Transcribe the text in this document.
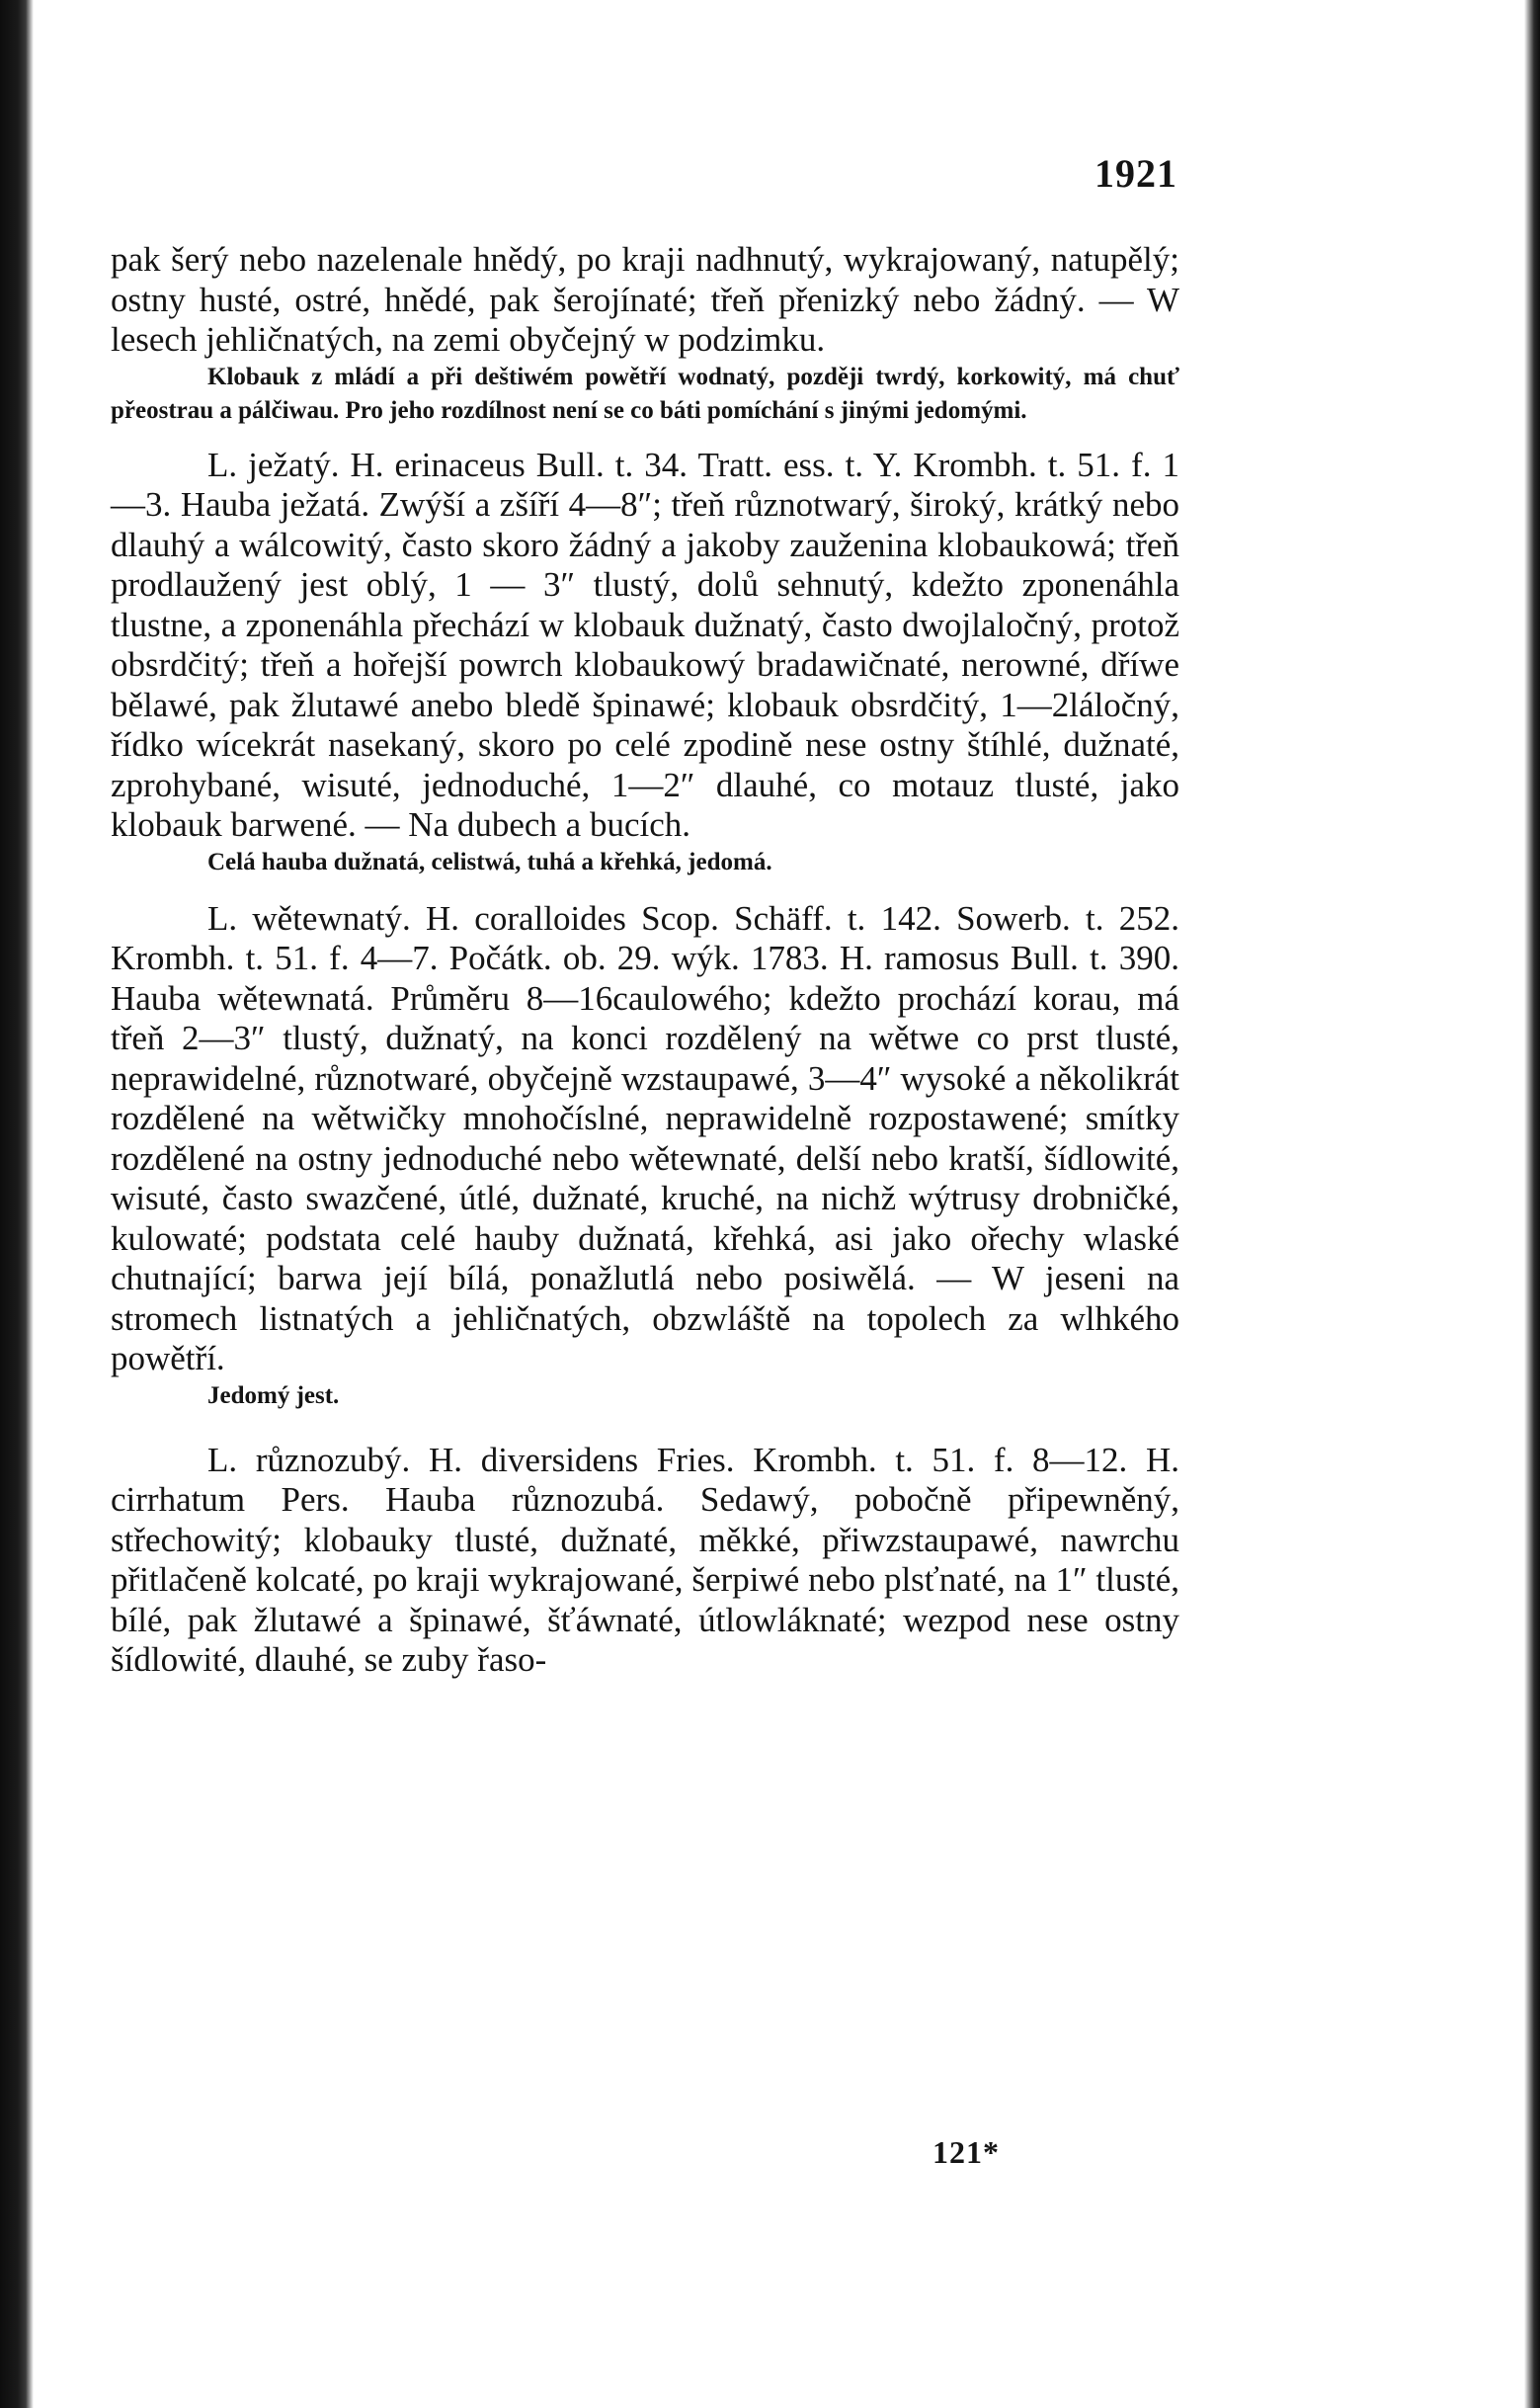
1921

pak šerý nebo nazelenale hnědý, po kraji nadhnutý, wykrajowaný, natupělý; ostny husté, ostré, hnědé, pak šerojínaté; třeň přenizký nebo žádný. — W lesech jehličnatých, na zemi obyčejný w podzimku.

Klobauk z mládí a při deštiwém powětří wodnatý, později twrdý, korkowitý, má chuť přeostrau a pálčiwau. Pro jeho rozdílnost není se co báti pomíchání s jinými jedomými.

L. ježatý. H. erinaceus Bull. t. 34. Tratt. ess. t. Y. Krombh. t. 51. f. 1—3. Hauba ježatá. Zwýší a zšíří 4—8″; třeň různotwarý, široký, krátký nebo dlauhý a wálcowitý, často skoro žádný a jakoby zauženina klobaukowá; třeň prodlaužený jest oblý, 1 — 3″ tlustý, dolů sehnutý, kdežto zponenáhla tlustne, a zponenáhla přechází w klobauk dužnatý, často dwojlaločný, protož obsrdčitý; třeň a hořejší powrch klobaukowý bradawičnaté, nerowné, dříwe bělawé, pak žlutawé anebo bledě špinawé; klobauk obsrdčitý, 1—2láločný, řídko wícekrát nasekaný, skoro po celé zpodině nese ostny štíhlé, dužnaté, zprohybané, wisuté, jednoduché, 1—2″ dlauhé, co motauz tlusté, jako klobauk barwené. — Na dubech a bucích.

Celá hauba dužnatá, celistwá, tuhá a křehká, jedomá.

L. wětewnatý. H. coralloides Scop. Schäff. t. 142. Sowerb. t. 252. Krombh. t. 51. f. 4—7. Počátk. ob. 29. wýk. 1783. H. ramosus Bull. t. 390. Hauba wětewnatá. Průměru 8—16caulowého; kdežto prochází korau, má třeň 2—3″ tlustý, dužnatý, na konci rozdělený na wětwe co prst tlusté, neprawidelné, různotwaré, obyčejně wzstaupawé, 3—4″ wysoké a několikrát rozdělené na wětwičky mnohočíslné, neprawidelně rozpostawené; smítky rozdělené na ostny jednoduché nebo wětewnaté, delší nebo kratší, šídlowité, wisuté, často swazčené, útlé, dužnaté, kruché, na nichž wýtrusy drobničké, kulowaté; podstata celé hauby dužnatá, křehká, asi jako ořechy wlaské chutnající; barwa její bílá, ponažlutlá nebo posiwělá. — W jeseni na stromech listnatých a jehličnatých, obzwláště na topolech za wlhkého powětří.

Jedomý jest.

L. různozubý. H. diversidens Fries. Krombh. t. 51. f. 8—12. H. cirrhatum Pers. Hauba různozubá. Sedawý, pobočně připewněný, střechowitý; klobauky tlusté, dužnaté, měkké, přiwzstaupawé, nawrchu přitlačeně kolcaté, po kraji wykrajowané, šerpiwé nebo plsťnaté, na 1″ tlusté, bílé, pak žlutawé a špinawé, šťáwnaté, útlowláknaté; wezpod nese ostny šídlowité, dlauhé, se zuby řaso-

121*
